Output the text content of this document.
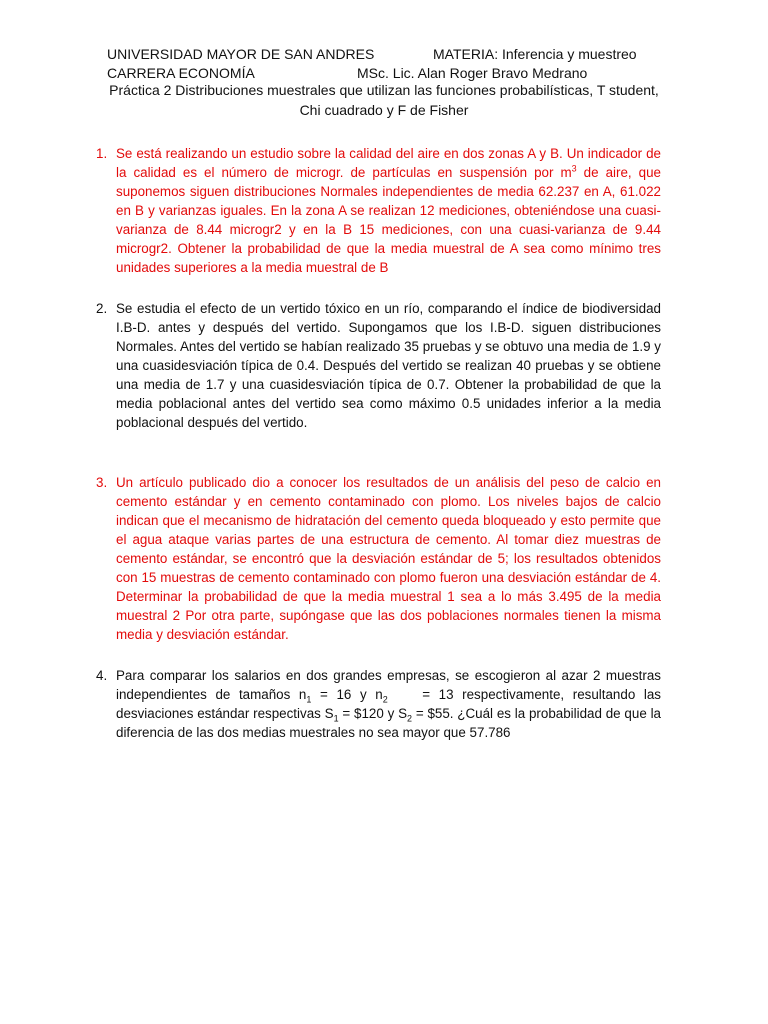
UNIVERSIDAD MAYOR DE SAN ANDRES	MATERIA: Inferencia y muestreo
CARRERA ECONOMÍA	MSc. Lic. Alan Roger Bravo Medrano
Práctica 2 Distribuciones muestrales que utilizan las funciones probabilísticas, T student, Chi cuadrado y F de Fisher
1. Se está realizando un estudio sobre la calidad del aire en dos zonas A y B. Un indicador de la calidad es el número de microgr. de partículas en suspensión por $m^3$ de aire, que suponemos siguen distribuciones Normales independientes de media 62.237 en A, 61.022 en B y varianzas iguales. En la zona A se realizan 12 mediciones, obteniéndose una cuasi-varianza de 8.44 microgr2 y en la B 15 mediciones, con una cuasi-varianza de 9.44 microgr2. Obtener la probabilidad de que la media muestral de A sea como mínimo tres unidades superiores a la media muestral de B
2. Se estudia el efecto de un vertido tóxico en un río, comparando el índice de biodiversidad I.B-D. antes y después del vertido. Supongamos que los I.B-D. siguen distribuciones Normales. Antes del vertido se habían realizado 35 pruebas y se obtuvo una media de 1.9 y una cuasidesviación típica de 0.4. Después del vertido se realizan 40 pruebas y se obtiene una media de 1.7 y una cuasidesviación típica de 0.7. Obtener la probabilidad de que la media poblacional antes del vertido sea como máximo 0.5 unidades inferior a la media poblacional después del vertido.
3. Un artículo publicado dio a conocer los resultados de un análisis del peso de calcio en cemento estándar y en cemento contaminado con plomo. Los niveles bajos de calcio indican que el mecanismo de hidratación del cemento queda bloqueado y esto permite que el agua ataque varias partes de una estructura de cemento. Al tomar diez muestras de cemento estándar, se encontró que la desviación estándar de 5; los resultados obtenidos con 15 muestras de cemento contaminado con plomo fueron una desviación estándar de 4. Determinar la probabilidad de que la media muestral 1 sea a lo más 3.495 de la media muestral 2 Por otra parte, supóngase que las dos poblaciones normales tienen la misma media y desviación estándar.
4. Para comparar los salarios en dos grandes empresas, se escogieron al azar 2 muestras independientes de tamaños $n_1 = 16$ y $n_2$    = 13 respectivamente, resultando las desviaciones estándar respectivas $S_1$ = $120 y $S_2$ = $55. ¿Cuál es la probabilidad de que la diferencia de las dos medias muestrales no sea mayor que 57.786
